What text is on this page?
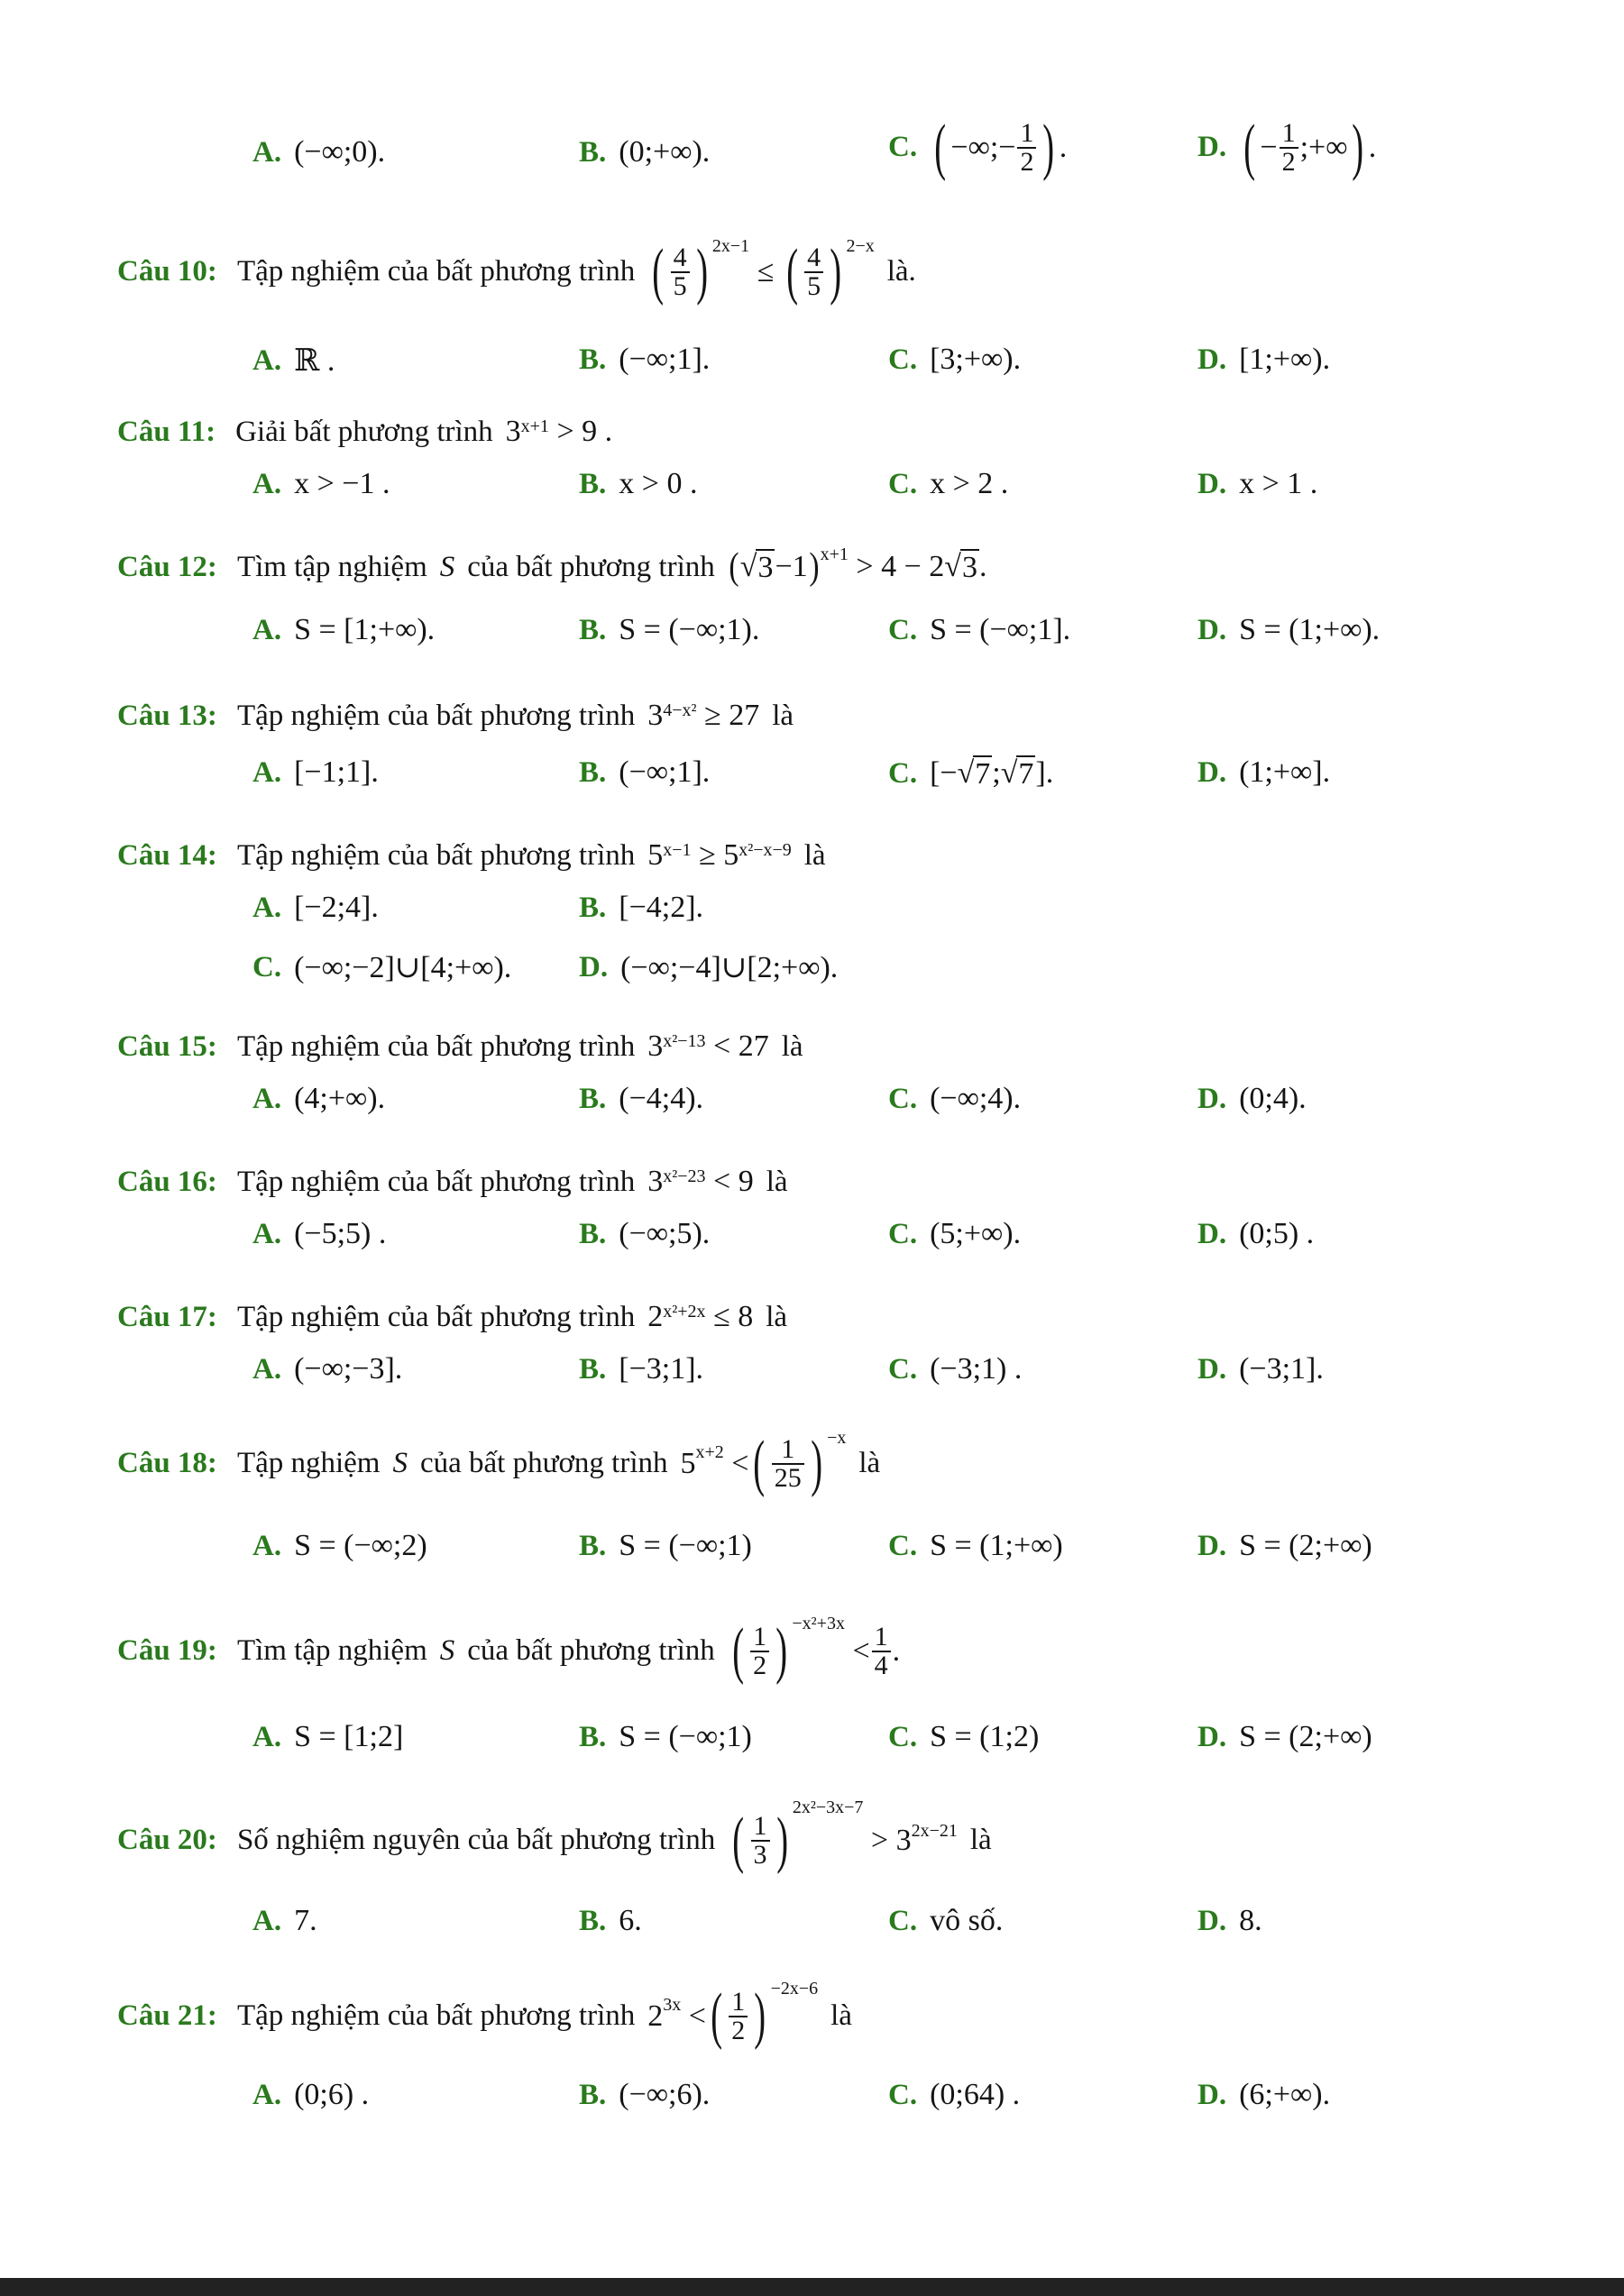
A. (−∞;0).	B. (0;+∞).	C. ( −∞;− $\frac{1}{2}$ ) .	D. ( − $\frac{1}{2}$ ;+∞ ) .
Câu 10: Tập nghiệm của bất phương trình ( $\frac{4}{5}$ ) $^{2x-1}$

≤
( $\frac{4}{5}$ ) $^{2-x}$
là.
A. ℝ .	B. (−∞;1].	C. [3;+∞).	D. [1;+∞).
Câu 11: Giải bất phương trình $3^{x+1}$
> 9 .
A. x > −1 .	B. x > 0 .	C. x > 2 .	D. x > 1 .
Câu 12: Tìm tập nghiệm S của bất phương trình ( √ 3 −1 )$^{x+1}$
> 4 − 2 √ 3 .
A. S = [1;+∞).	B. S = (−∞;1).	C. S = (−∞;1].	D. S = (1;+∞).
Câu 13: Tập nghiệm của bất phương trình $3^{4-x^2}$
≥ 27 là
A. [−1;1].	B. (−∞;1].	C. [− √ 7 ; √ 7 ].	D. (1;+∞].
Câu 14: Tập nghiệm của bất phương trình $5^{x-1}$
≥ $5^{x^2-x-9}$ là
A. [−2;4].	B. [−4;2].
C. (−∞;−2]∪[4;+∞). D. (−∞;−4]∪[2;+∞).
Câu 15: Tập nghiệm của bất phương trình $3^{x^2-13}$
< 27 là
A. (4;+∞).	B. (−4;4).	C. (−∞;4).	D. (0;4).
Câu 16: Tập nghiệm của bất phương trình $3^{x^2-23}$
< 9 là
A. (−5;5) .	B. (−∞;5).	C. (5;+∞).	D. (0;5) .
Câu 17: Tập nghiệm của bất phương trình $2^{x^2+2x}$
≤ 8 là
A. (−∞;−3].	B. [−3;1].	C. (−3;1) .	D. (−3;1].
Câu 18: Tập nghiệm S của bất phương trình $5^{x+2}$
< ( $\frac{1}{25}$ ) $^{-x}$
là
A. S = (−∞;2)	B. S = (−∞;1)	C. S = (1;+∞)	D. S = (2;+∞)
Câu 19: Tìm tập nghiệm S của bất phương trình ( $\frac{1}{2}$ ) $^{-x^2+3x}$

< $\frac{1}{4}$ .
A. S = [1;2]	B. S = (−∞;1)	C. S = (1;2)	D. S = (2;+∞)
Câu 20: Số nghiệm nguyên của bất phương trình ( $\frac{1}{3}$ ) $^{2x^2-3x-7}$

> $3^{2x-21}$ là
A. 7.	B. 6.	C. vô số.	D. 8.
Câu 21: Tập nghiệm của bất phương trình $2^{3x}$
< ( $\frac{1}{2}$ ) $^{-2x-6}$
là
A. (0;6) .	B. (−∞;6).	C. (0;64) .	D. (6;+∞).
